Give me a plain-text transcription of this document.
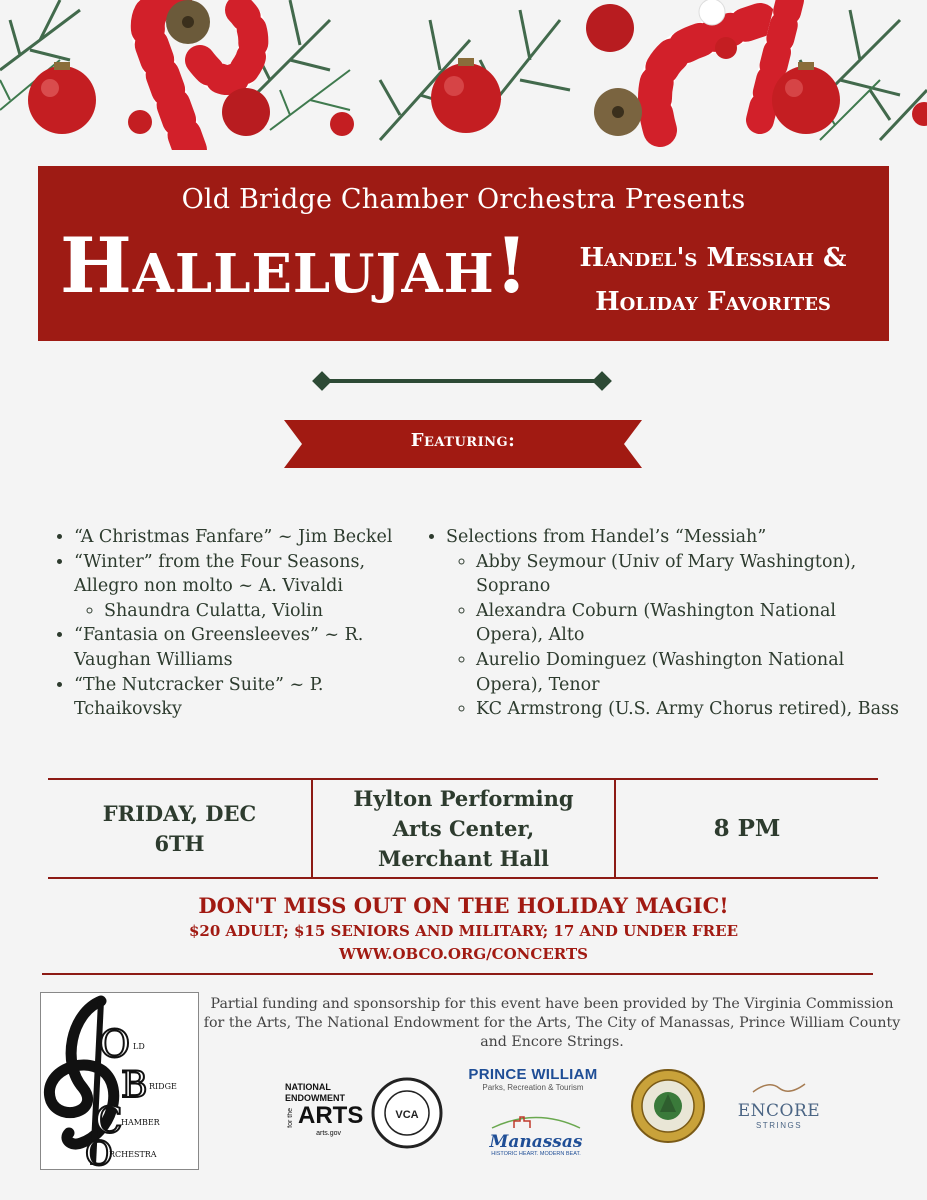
Old Bridge Chamber Orchestra Presents
Hallelujah!	Handel's Messiah &
Holiday Favorites
Featuring:
• “A Christmas Fanfare” ~ Jim Beckel
• “Winter” from the Four Seasons, Allegro non molto ~ A. Vivaldi
◦ Shaundra Culatta, Violin
• “Fantasia on Greensleeves” ~ R. Vaughan Williams
• “The Nutcracker Suite” ~ P. Tchaikovsky
• Selections from Handel’s “Messiah”
◦ Abby Seymour (Univ of Mary Washington), Soprano
◦ Alexandra Coburn (Washington National Opera), Alto
◦ Aurelio Dominguez (Washington National Opera), Tenor
◦ KC Armstrong (U.S. Army Chorus retired), Bass
FRIDAY, DEC
6TH
Hylton Performing
Arts Center,
Merchant Hall
8 PM
DON'T MISS OUT ON THE HOLIDAY MAGIC!
$20 ADULT; $15 SENIORS AND MILITARY; 17 AND UNDER FREE
WWW.OBCO.ORG/CONCERTS
O
B
C
O
LD
RIDGE
HAMBER
RCHESTRA
Partial funding and sponsorship for this event have been provided by The Virginia Commission for the Arts, The National Endowment for the Arts, The City of Manassas, Prince William County and Encore Strings.
NATIONAL
ENDOWMENT
for the ARTS
arts.gov
VCA
PRINCE WILLIAM
Parks, Recreation & Tourism
Manassas
HISTORIC HEART. MODERN BEAT.
ENCORE
STRINGS
